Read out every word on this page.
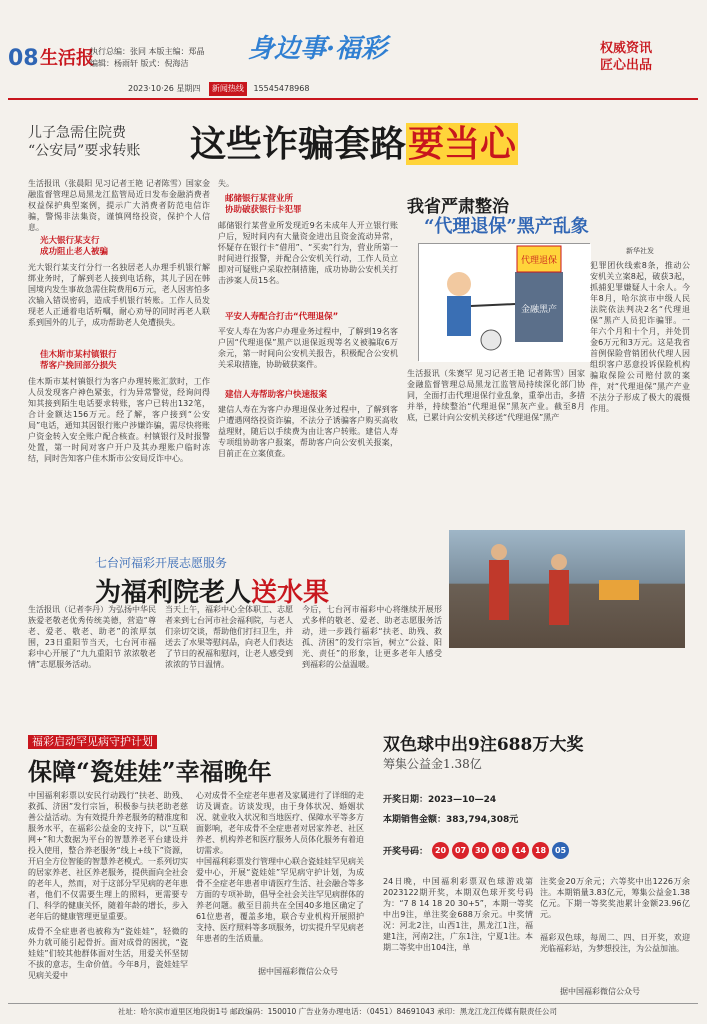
08 生活报
执行总编：张同 本版主编：郑晶
编辑：杨雨轩 版式：倪海洁	身边事·福彩	权威资讯
匠心出品
2023·10·26 星期四 新闻热线 15545478968
儿子急需住院费
“公安局”要求转账 这些诈骗套路要当心
生活报讯（张晨阳 见习记者王艳 记者陈雪）国家金融监督管理总局黑龙江监管局近日发布金融消费者权益保护典型案例，提示广大消费者防范电信诈骗，警惕非法集资，谨慎网络投资，保护个人信息。
光大银行某支行
成功阻止老人被骗
光大银行某支行分行一名独居老人办理手机银行解绑业务时，了解到老人接到电话称，其儿子因在韩国境内发生事故急需住院费用6万元，老人因害怕多次输入错误密码，造成手机银行转账。工作人员发现老人正通着电话听嘱，耐心劝导的同时再老人联系到国外的儿子，成功帮助老人免遭损失。
佳木斯市某村镇银行
帮客户挽回部分损失
佳木斯市某村镇银行为客户办理转账汇款时，工作人员发现客户神色紧张，行为异常警觉，经询问得知其接到陌生电话要求转账，客户已转出132笔，合计金额达156万元。经了解，客户接到“公安局”电话，通知其因银行账户涉嫌诈骗，需尽快将账户资金转入安全账户配合核查。村镇银行及时报警处置，第一时间对客户开户及其办理账户临时冻结，同时告知客户佳木斯市公安局反诈中心。
失。
邮储银行某营业所
协助破获银行卡犯罪
邮储银行某营业所发现近9名未成年人开立银行账户后，短时间内有大量资金进出且资金流动异常，怀疑存在银行卡“借用”、“买卖”行为，营业所第一时间进行报警，并配合公安机关行动，工作人员立即对可疑账户采取控制措施，成功协助公安机关打击涉案人员15名。
平安人寿配合打击“代理退保”
平安人寿在为客户办理业务过程中，了解到19名客户因“代理退保”黑产以退保返现等名义被骗取6万余元，第一时间向公安机关报告，积极配合公安机关采取措施，协助破获案件。
建信人寿帮助客户快速报案
建信人寿在为客户办理退保业务过程中，了解到客户遭遇网络投资诈骗，不法分子诱骗客户购买高收益理财，随后以手续费为由让客户转账。建信人寿专项组协助客户报案，帮助客户向公安机关报案，目前正在立案侦查。
我省严肃整治
“代理退保”黑产乱象
代理退保
金融黑产
新华社发
犯罪团伙线索8条，推动公安机关立案8起，破获3起，抓捕犯罪嫌疑人十余人。今年8月，哈尔滨市中级人民法院依法判决2名“代理退保”黑产人员犯诈骗罪。一年六个月和十个月，并处罚金6万元和3万元。这是我省首例保险营销团伙代理人因组织客户恶意投诉保险机构骗取保险公司赔付款的案件，对“代理退保”黑产产业不法分子形成了极大的震慑作用。
生活报讯（朱赛罕 见习记者王艳 记者陈雪）国家金融监督管理总局黑龙江监管局持续深化部门协同，全面打击代理退保行业乱象，重拳出击，多措并举，持续整治“代理退保”黑灰产业。截至8月底，已累计向公安机关移送“代理退保”黑产
七台河福彩开展志愿服务
为福利院老人送水果
生活报讯（记者李丹）为弘扬中华民族爱老敬老优秀传统美德，营造“尊老、爱老、敬老、助老”的浓厚氛围，23日重阳节当天，七台河市福彩中心开展了“九九重阳节 浓浓敬老情”志愿服务活动。
当天上午，福彩中心全体职工、志愿者来到七台河市社会福利院，与老人们亲切交谈，帮助他们打扫卫生，并送去了水果等慰问品，向老人们表达了节日的祝福和慰问，让老人感受到浓浓的节日温情。
今后，七台河市福彩中心将继续开展形式多样的敬老、爱老、助老志愿服务活动，进一步践行福彩“扶老、助残、救孤、济困”的发行宗旨，树立“公益、阳光、责任”的形象，让更多老年人感受到福彩的公益温暖。
福彩启动罕见病守护计划
保障“瓷娃娃”幸福晚年
中国福利彩票以安民行动践行“扶老、助残、救孤、济困”发行宗旨，积极参与扶老助老慈善公益活动。为有效提升养老服务的精准度和服务水平，在福彩公益金的支持下，以“互联网+”和大数据为平台的智慧养老平台建设并投入使用，整合养老服务“线上+线下”资源，开启全方位智能的智慧养老模式。一系列切实的居家养老、社区养老服务，提供面向全社会的老年人，然而，对于这部分罕见病的老年患者，他们不仅需要生理上的照料，更需要专门、科学的健康关怀，随着年龄的增长，步入老年后的健康管理更显重要。
成骨不全症患者也被称为“瓷娃娃”，轻微的外力就可能引起骨折。面对成骨的困扰，“瓷娃娃”们较其他群体面对生活，用爱关怀坚韧不拔的意志，生命价值。今年8月，瓷娃娃罕见病关爱中
心对成骨不全症老年患者及家属进行了详细的走访及调查。访谈发现，由于身体状况、婚姻状况、就业收入状况和当地医疗、保障水平等多方面影响，老年成骨不全症患者对居家养老、社区养老、机构养老和医疗服务人员体化服务有着迫切需求。
中国福利彩票发行管理中心联合瓷娃娃罕见病关爱中心，开展“瓷娃娃”罕见病守护计划，为成骨不全症老年患者申请医疗生活、社会融合等多方面的专项补助，倡导全社会关注罕见病群体的养老问题。截至目前共在全国40多地区确定了61位患者，覆盖多地，联合专业机构开展照护支持、医疗照料等多项服务，切实提升罕见病老年患者的生活质量。
据中国福彩微信公众号
双色球中出9注688万大奖
筹集公益金1.38亿
开奖日期：2023—10—24
本期销售金额：383,794,308元
开奖号码： 20	07	30	08	14	18	05
24日晚，中国福利彩票双色球游戏第2023122期开奖，本期双色球开奖号码为：“7 8 14 18 20 30+5”，本期一等奖中出9注，单注奖金688万余元。中奖情况：河北2注，山西1注，黑龙江1注，福建1注，河南2注，广东1注，宁夏1注。本期二等奖中出104注，单
注奖金20万余元；六等奖中出1226万余注。本期销量3.83亿元，筹集公益金1.38亿元。下期一等奖奖池累计金额23.96亿元。
福彩双色球，每周二、四、日开奖，欢迎光临福彩站，为梦想投注，为公益加油。
据中国福彩微信公众号
社址：哈尔滨市道里区地段街1号 邮政编码：150010 广告业务办理电话：（0451）84691043 承印：黑龙江龙江传媒有限责任公司
